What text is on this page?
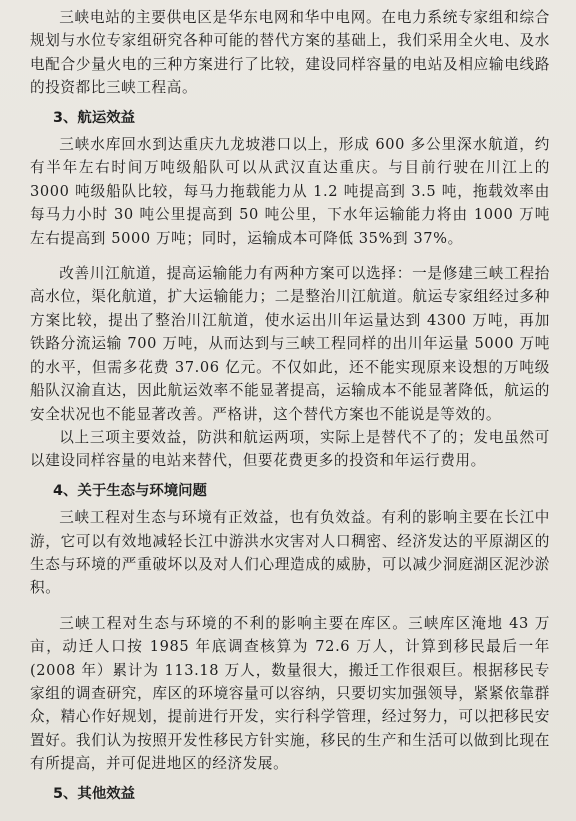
三峡电站的主要供电区是华东电网和华中电网。在电力系统专家组和综合规划与水位专家组研究各种可能的替代方案的基础上，我们采用全火电、及水电配合少量火电的三种方案进行了比较，建设同样容量的电站及相应输电线路的投资都比三峡工程高。

3、航运效益

三峡水库回水到达重庆九龙坡港口以上，形成 600 多公里深水航道，约有半年左右时间万吨级船队可以从武汉直达重庆。与目前行驶在川江上的 3000 吨级船队比较，每马力拖载能力从 1.2 吨提高到 3.5 吨，拖载效率由每马力小时 30 吨公里提高到 50 吨公里，下水年运输能力将由 1000 万吨左右提高到 5000 万吨；同时，运输成本可降低 35%到 37%。

改善川江航道，提高运输能力有两种方案可以选择：一是修建三峡工程抬高水位，渠化航道，扩大运输能力；二是整治川江航道。航运专家组经过多种方案比较，提出了整治川江航道，使水运出川年运量达到 4300 万吨，再加铁路分流运输 700 万吨，从而达到与三峡工程同样的出川年运量 5000 万吨的水平，但需多花费 37.06 亿元。不仅如此，还不能实现原来设想的万吨级船队汉渝直达，因此航运效率不能显著提高，运输成本不能显著降低，航运的安全状况也不能显著改善。严格讲，这个替代方案也不能说是等效的。

以上三项主要效益，防洪和航运两项，实际上是替代不了的；发电虽然可以建设同样容量的电站来替代，但要花费更多的投资和年运行费用。

4、关于生态与环境问题

三峡工程对生态与环境有正效益，也有负效益。有利的影响主要在长江中游，它可以有效地减轻长江中游洪水灾害对人口稠密、经济发达的平原湖区的生态与环境的严重破坏以及对人们心理造成的威胁，可以减少洞庭湖区泥沙淤积。

三峡工程对生态与环境的不利的影响主要在库区。三峡库区淹地 43 万亩，动迁人口按 1985 年底调查核算为 72.6 万人，计算到移民最后一年(2008 年）累计为 113.18 万人，数量很大，搬迁工作很艰巨。根据移民专家组的调查研究，库区的环境容量可以容纳，只要切实加强领导，紧紧依靠群众，精心作好规划，提前进行开发，实行科学管理，经过努力，可以把移民安置好。我们认为按照开发性移民方针实施，移民的生产和生活可以做到比现在有所提高，并可促进地区的经济发展。

5、其他效益
